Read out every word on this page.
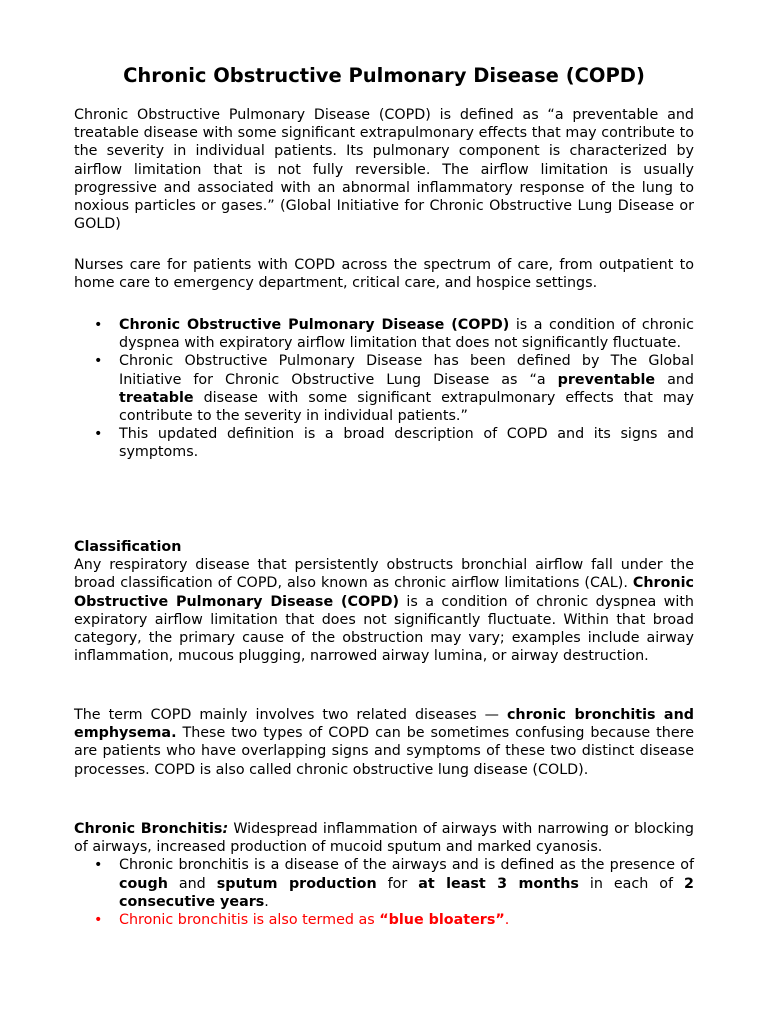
Chronic Obstructive Pulmonary Disease (COPD)

Chronic Obstructive Pulmonary Disease (COPD) is defined as “a preventable and treatable disease with some significant extrapulmonary effects that may contribute to the severity in individual patients. Its pulmonary component is characterized by airflow limitation that is not fully reversible. The airflow limitation is usually progressive and associated with an abnormal inflammatory response of the lung to noxious particles or gases.” (Global Initiative for Chronic Obstructive Lung Disease or GOLD)

Nurses care for patients with COPD across the spectrum of care, from outpatient to home care to emergency department, critical care, and hospice settings.

• Chronic Obstructive Pulmonary Disease (COPD) is a condition of chronic dyspnea with expiratory airflow limitation that does not significantly fluctuate.
• Chronic Obstructive Pulmonary Disease has been defined by The Global Initiative for Chronic Obstructive Lung Disease as “a preventable and treatable disease with some significant extrapulmonary effects that may contribute to the severity in individual patients.”
• This updated definition is a broad description of COPD and its signs and symptoms.
Classification

Any respiratory disease that persistently obstructs bronchial airflow fall under the broad classification of COPD, also known as chronic airflow limitations (CAL). Chronic Obstructive Pulmonary Disease (COPD) is a condition of chronic dyspnea with expiratory airflow limitation that does not significantly fluctuate. Within that broad category, the primary cause of the obstruction may vary; examples include airway inflammation, mucous plugging, narrowed airway lumina, or airway destruction.

The term COPD mainly involves two related diseases — chronic bronchitis and emphysema. These two types of COPD can be sometimes confusing because there are patients who have overlapping signs and symptoms of these two distinct disease processes. COPD is also called chronic obstructive lung disease (COLD).

Chronic Bronchitis: Widespread inflammation of airways with narrowing or blocking of airways, increased production of mucoid sputum and marked cyanosis.

• Chronic bronchitis is a disease of the airways and is defined as the presence of cough and sputum production for at least 3 months in each of 2 consecutive years.
• Chronic bronchitis is also termed as “blue bloaters”.
